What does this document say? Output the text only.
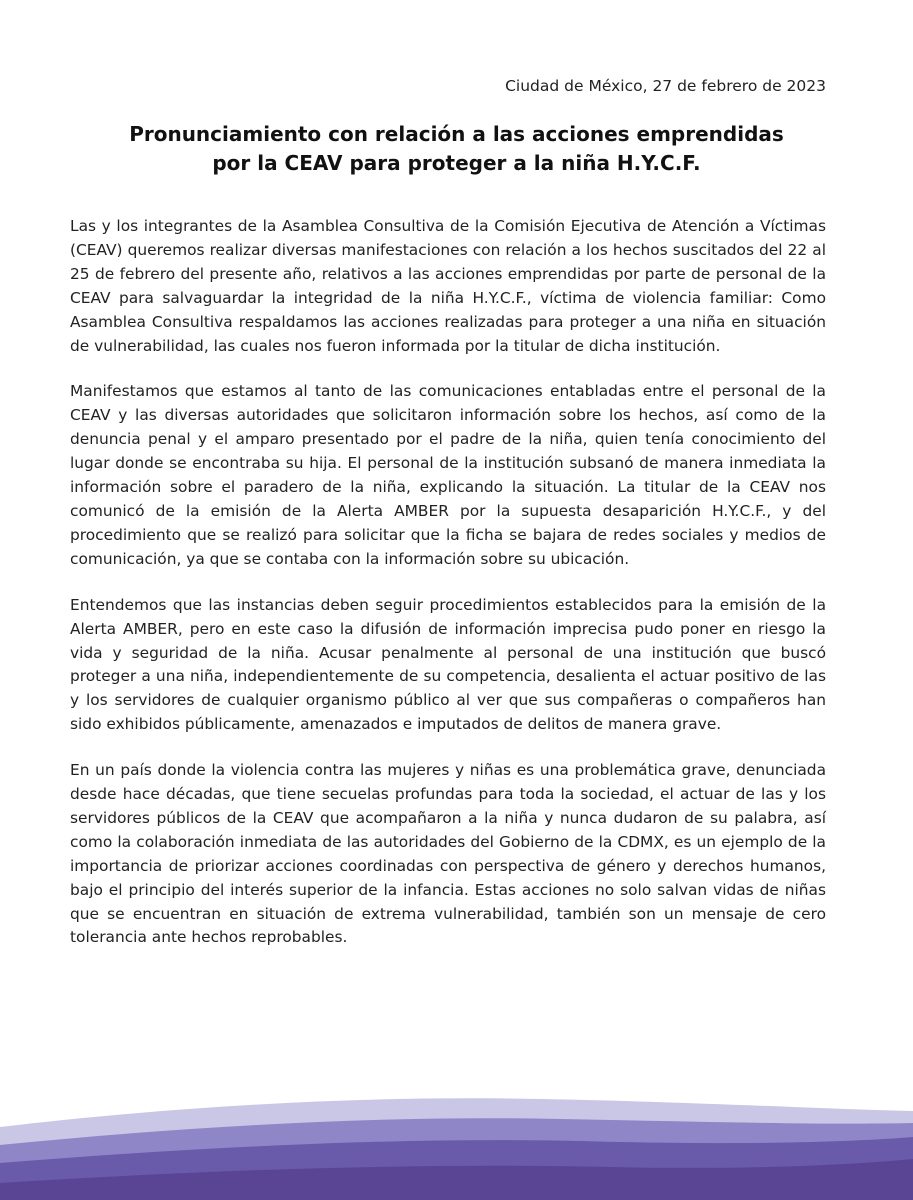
Ciudad de México, 27 de febrero de 2023
Pronunciamiento con relación a las acciones emprendidas
por la CEAV para proteger a la niña H.Y.C.F.

Las y los integrantes de la Asamblea Consultiva de la Comisión Ejecutiva de Atención a Víctimas (CEAV) queremos realizar diversas manifestaciones con relación a los hechos suscitados del 22 al 25 de febrero del presente año, relativos a las acciones emprendidas por parte de personal de la CEAV para salvaguardar la integridad de la niña H.Y.C.F., víctima de violencia familiar: Como Asamblea Consultiva respaldamos las acciones realizadas para proteger a una niña en situación de vulnerabilidad, las cuales nos fueron informada por la titular de dicha institución.

Manifestamos que estamos al tanto de las comunicaciones entabladas entre el personal de la CEAV y las diversas autoridades que solicitaron información sobre los hechos, así como de la denuncia penal y el amparo presentado por el padre de la niña, quien tenía conocimiento del lugar donde se encontraba su hija. El personal de la institución subsanó de manera inmediata la información sobre el paradero de la niña, explicando la situación. La titular de la CEAV nos comunicó de la emisión de la Alerta AMBER por la supuesta desaparición H.Y.C.F., y del procedimiento que se realizó para solicitar que la ficha se bajara de redes sociales y medios de comunicación, ya que se contaba con la información sobre su ubicación.

Entendemos que las instancias deben seguir procedimientos establecidos para la emisión de la Alerta AMBER, pero en este caso la difusión de información imprecisa pudo poner en riesgo la vida y seguridad de la niña. Acusar penalmente al personal de una institución que buscó proteger a una niña, independientemente de su competencia, desalienta el actuar positivo de las y los servidores de cualquier organismo público al ver que sus compañeras o compañeros han sido exhibidos públicamente, amenazados e imputados de delitos de manera grave.

En un país donde la violencia contra las mujeres y niñas es una problemática grave, denunciada desde hace décadas, que tiene secuelas profundas para toda la sociedad, el actuar de las y los servidores públicos de la CEAV que acompañaron a la niña y nunca dudaron de su palabra, así como la colaboración inmediata de las autoridades del Gobierno de la CDMX, es un ejemplo de la importancia de priorizar acciones coordinadas con perspectiva de género y derechos humanos, bajo el principio del interés superior de la infancia. Estas acciones no solo salvan vidas de niñas que se encuentran en situación de extrema vulnerabilidad, también son un mensaje de cero tolerancia ante hechos reprobables.
